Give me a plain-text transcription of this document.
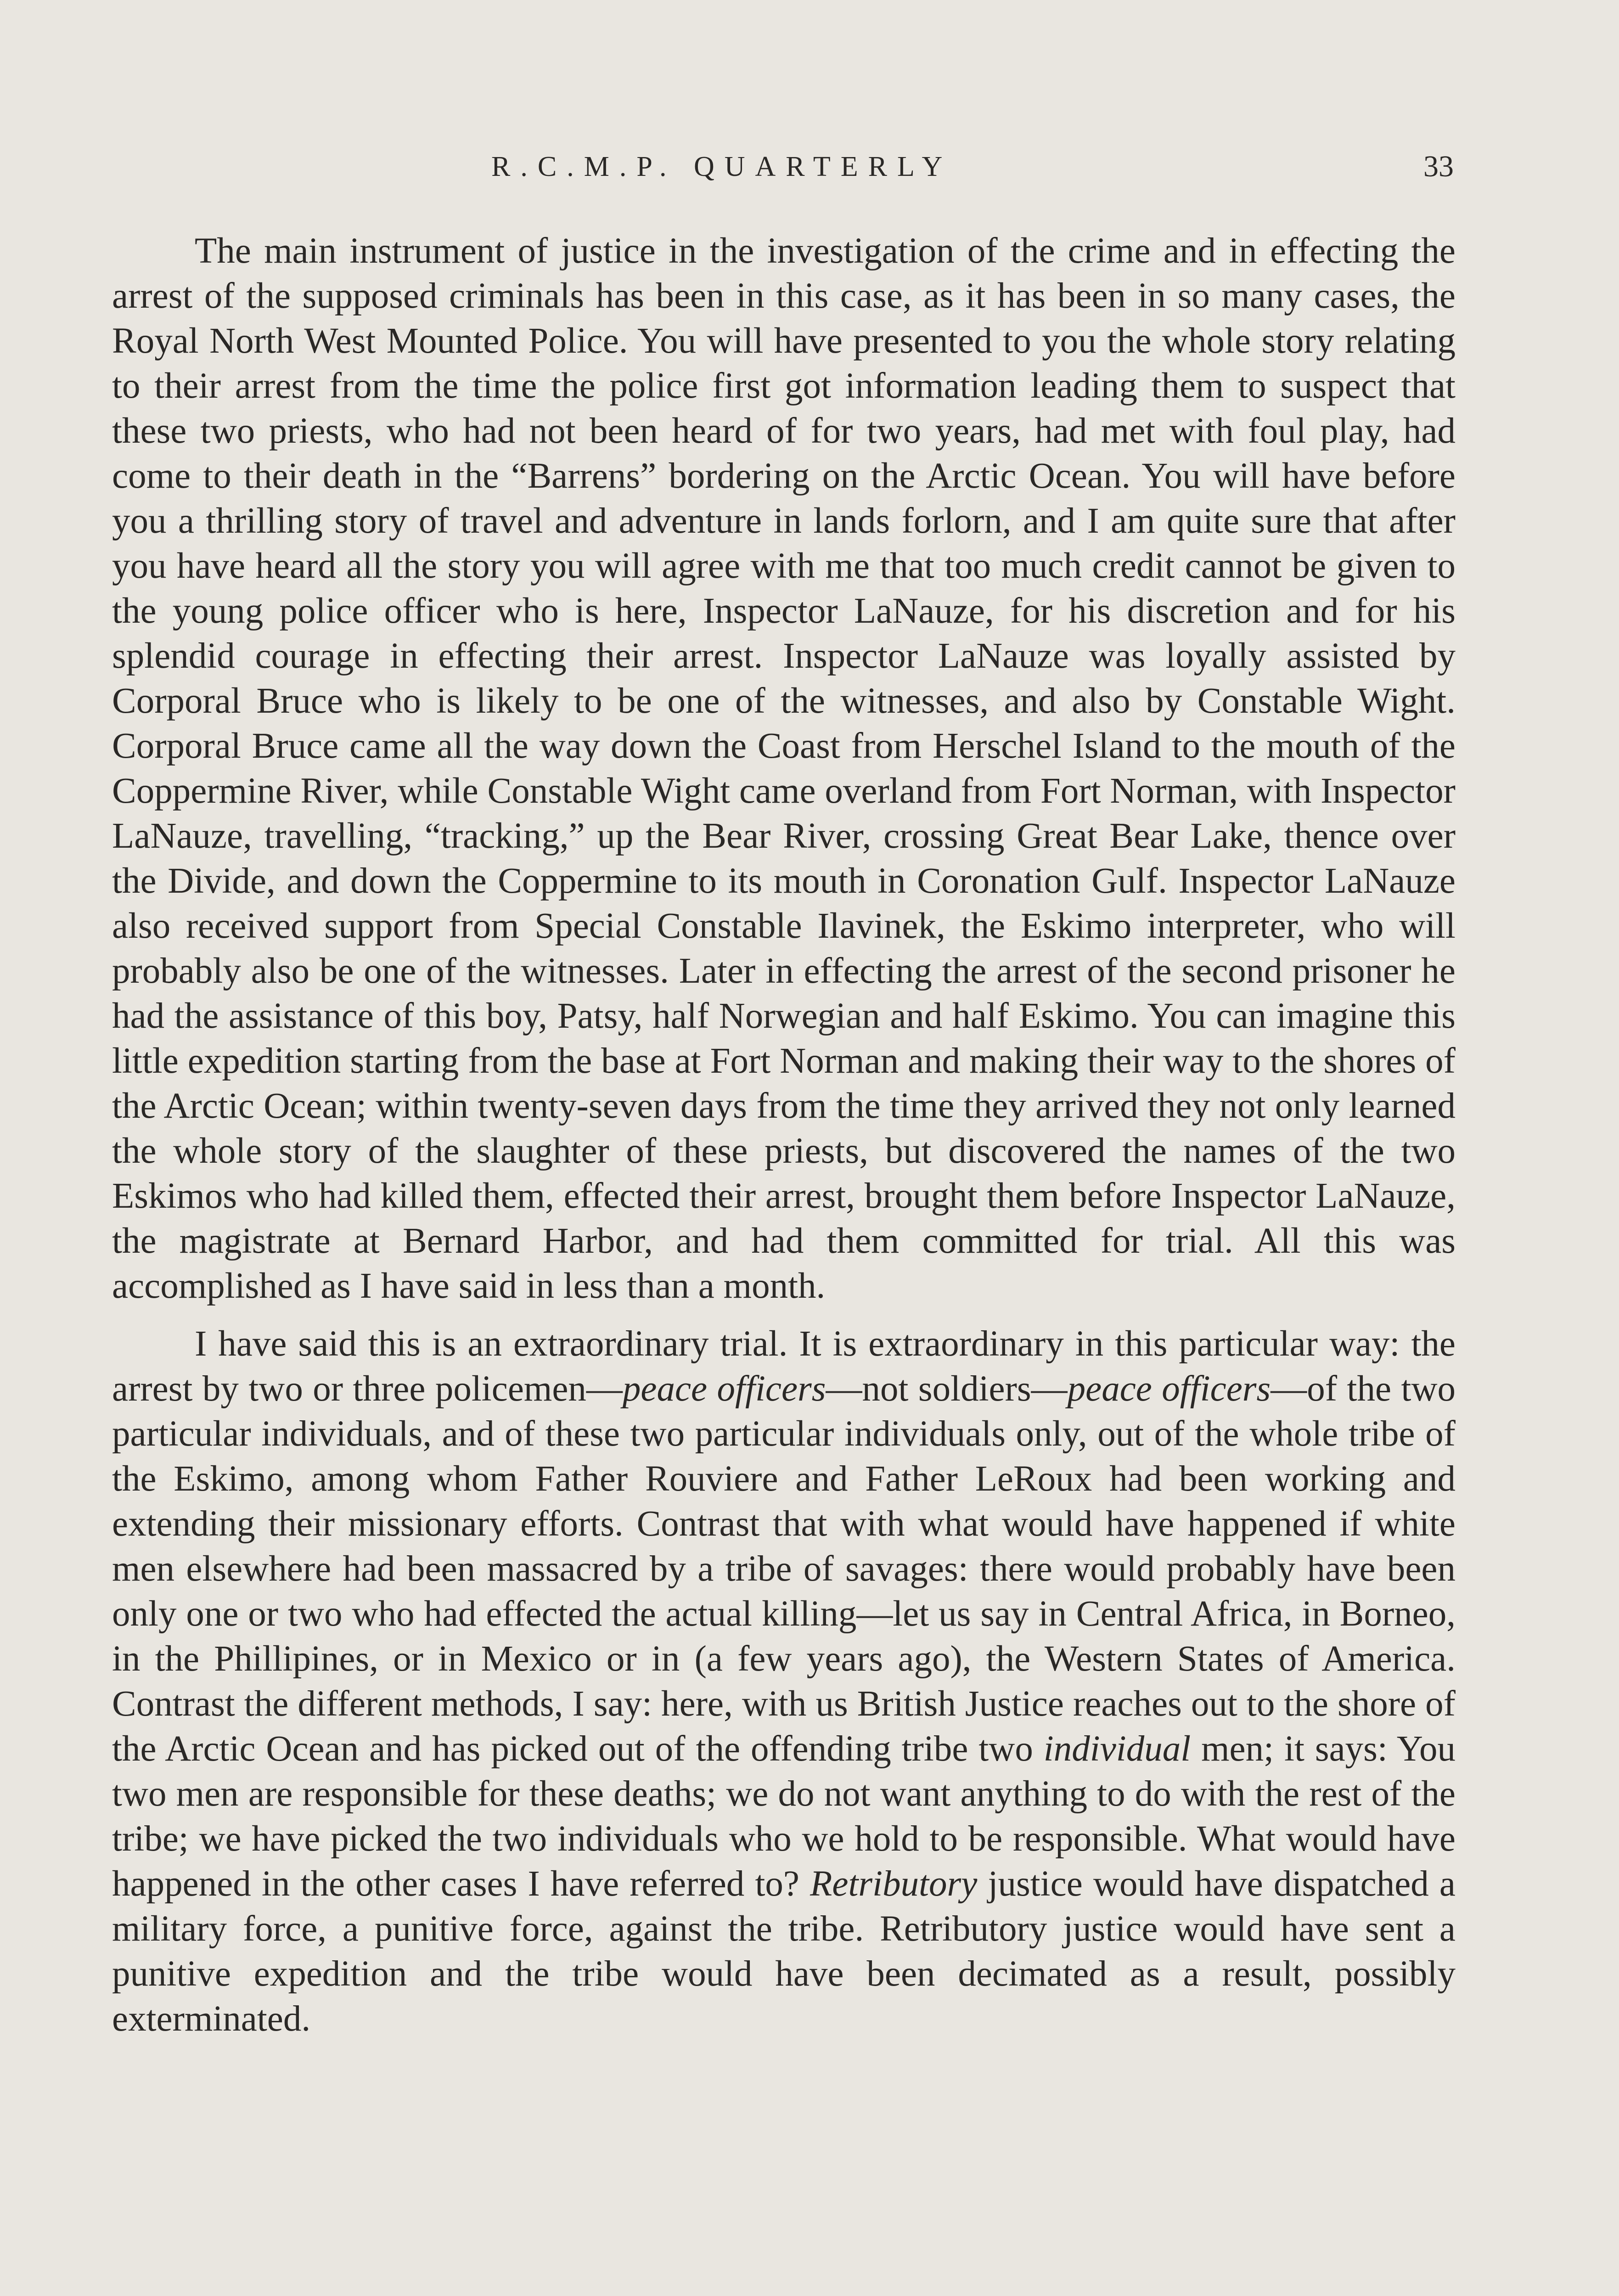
R.C.M.P. QUARTERLY	33

The main instrument of justice in the investigation of the crime and in effecting the arrest of the supposed criminals has been in this case, as it has been in so many cases, the Royal North West Mounted Police. You will have presented to you the whole story relating to their arrest from the time the police first got information leading them to suspect that these two priests, who had not been heard of for two years, had met with foul play, had come to their death in the “Barrens” bordering on the Arctic Ocean. You will have before you a thrilling story of travel and adventure in lands forlorn, and I am quite sure that after you have heard all the story you will agree with me that too much credit cannot be given to the young police officer who is here, Inspector LaNauze, for his discretion and for his splendid courage in effecting their arrest. Inspector LaNauze was loyally assisted by Corporal Bruce who is likely to be one of the witnesses, and also by Constable Wight. Corporal Bruce came all the way down the Coast from Herschel Island to the mouth of the Coppermine River, while Constable Wight came overland from Fort Norman, with Inspector LaNauze, travelling, “tracking,” up the Bear River, crossing Great Bear Lake, thence over the Divide, and down the Coppermine to its mouth in Coronation Gulf. Inspector LaNauze also received support from Special Constable Ilavinek, the Eskimo interpreter, who will probably also be one of the witnesses. Later in effecting the arrest of the second prisoner he had the assistance of this boy, Patsy, half Norwegian and half Eskimo. You can imagine this little expedition starting from the base at Fort Norman and making their way to the shores of the Arctic Ocean; within twenty-seven days from the time they arrived they not only learned the whole story of the slaughter of these priests, but discovered the names of the two Eskimos who had killed them, effected their arrest, brought them before Inspector LaNauze, the magistrate at Bernard Harbor, and had them committed for trial. All this was accomplished as I have said in less than a month.

I have said this is an extraordinary trial. It is extraordinary in this particular way: the arrest by two or three policemen—peace officers—not soldiers—peace officers—of the two particular individuals, and of these two particular individuals only, out of the whole tribe of the Eskimo, among whom Father Rouviere and Father LeRoux had been working and extending their missionary efforts. Contrast that with what would have happened if white men elsewhere had been massacred by a tribe of savages: there would probably have been only one or two who had effected the actual killing—let us say in Central Africa, in Borneo, in the Phillipines, or in Mexico or in (a few years ago), the Western States of America. Contrast the different methods, I say: here, with us British Justice reaches out to the shore of the Arctic Ocean and has picked out of the offending tribe two individual men; it says: You two men are responsible for these deaths; we do not want anything to do with the rest of the tribe; we have picked the two individuals who we hold to be responsible. What would have happened in the other cases I have referred to? Retributory justice would have dispatched a military force, a punitive force, against the tribe. Retributory justice would have sent a punitive expedition and the tribe would have been decimated as a result, possibly exterminated.
